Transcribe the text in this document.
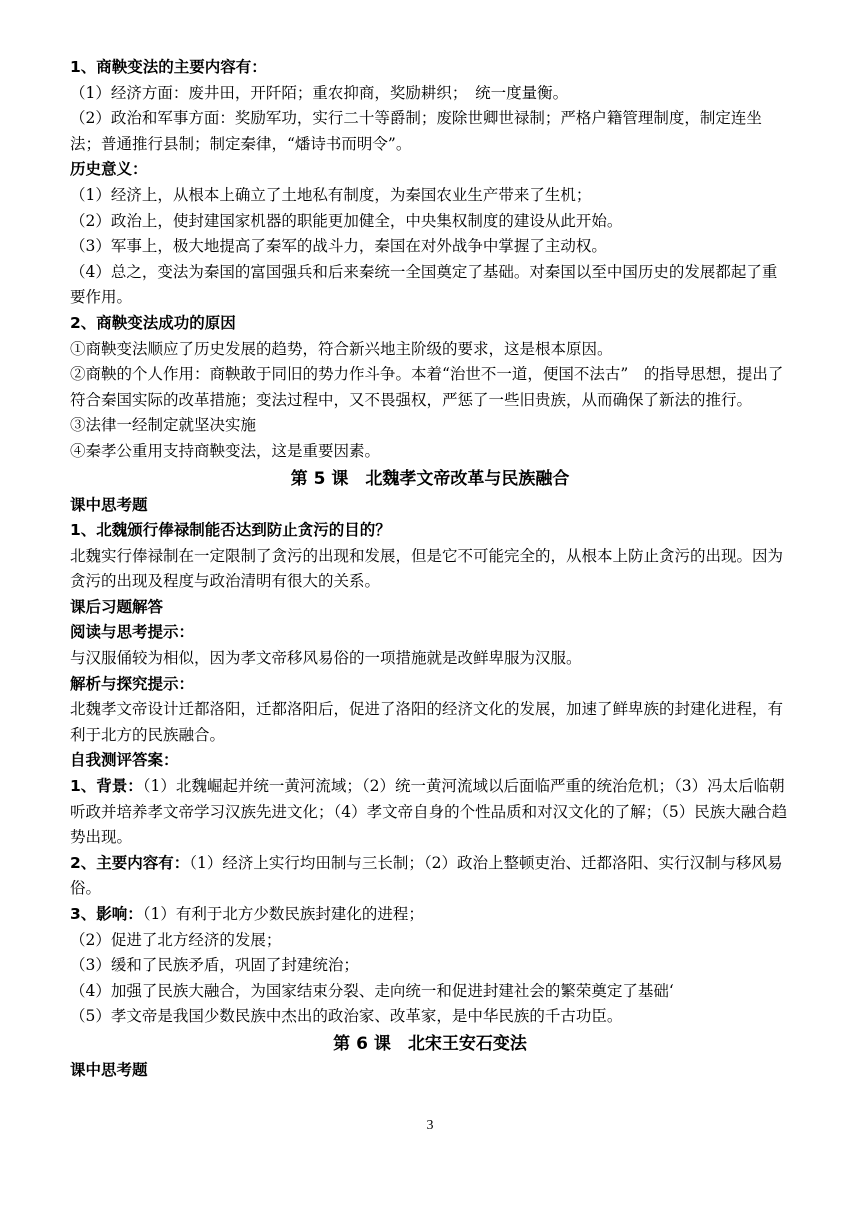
1、商鞅变法的主要内容有：
（1）经济方面：废井田，开阡陌；重农抑商，奖励耕织；　统一度量衡。
（2）政治和军事方面：奖励军功，实行二十等爵制；废除世卿世禄制；严格户籍管理制度，制定连坐法；普通推行县制；制定秦律，“燔诗书而明令”。
历史意义：
（1）经济上，从根本上确立了土地私有制度，为秦国农业生产带来了生机；
（2）政治上，使封建国家机器的职能更加健全，中央集权制度的建设从此开始。
（3）军事上，极大地提高了秦军的战斗力，秦国在对外战争中掌握了主动权。
（4）总之，变法为秦国的富国强兵和后来秦统一全国奠定了基础。对秦国以至中国历史的发展都起了重要作用。
2、商鞅变法成功的原因
①商鞅变法顺应了历史发展的趋势，符合新兴地主阶级的要求，这是根本原因。
②商鞅的个人作用：商鞅敢于同旧的势力作斗争。本着“治世不一道，便国不法古”　的指导思想，提出了符合秦国实际的改革措施；变法过程中，又不畏强权，严惩了一些旧贵族，从而确保了新法的推行。
③法律一经制定就坚决实施
④秦孝公重用支持商鞅变法，这是重要因素。
第 5 课　北魏孝文帝改革与民族融合
课中思考题
1、北魏颁行俸禄制能否达到防止贪污的目的？
北魏实行俸禄制在一定限制了贪污的出现和发展，但是它不可能完全的，从根本上防止贪污的出现。因为贪污的出现及程度与政治清明有很大的关系。
课后习题解答
阅读与思考提示：
与汉服俑较为相似，因为孝文帝移风易俗的一项措施就是改鲜卑服为汉服。
解析与探究提示：
北魏孝文帝设计迁都洛阳，迁都洛阳后，促进了洛阳的经济文化的发展，加速了鲜卑族的封建化进程，有利于北方的民族融合。
自我测评答案：
1、背景：（1）北魏崛起并统一黄河流域；（2）统一黄河流域以后面临严重的统治危机；（3）冯太后临朝听政并培养孝文帝学习汉族先进文化；（4）孝文帝自身的个性品质和对汉文化的了解；（5）民族大融合趋势出现。
2、主要内容有：（1）经济上实行均田制与三长制；（2）政治上整顿吏治、迁都洛阳、实行汉制与移风易俗。
3、影响：（1）有利于北方少数民族封建化的进程；
（2）促进了北方经济的发展；
（3）缓和了民族矛盾，巩固了封建统治；
（4）加强了民族大融合，为国家结束分裂、走向统一和促进封建社会的繁荣奠定了基础‘
（5）孝文帝是我国少数民族中杰出的政治家、改革家，是中华民族的千古功臣。
第 6 课　北宋王安石变法
课中思考题
3
